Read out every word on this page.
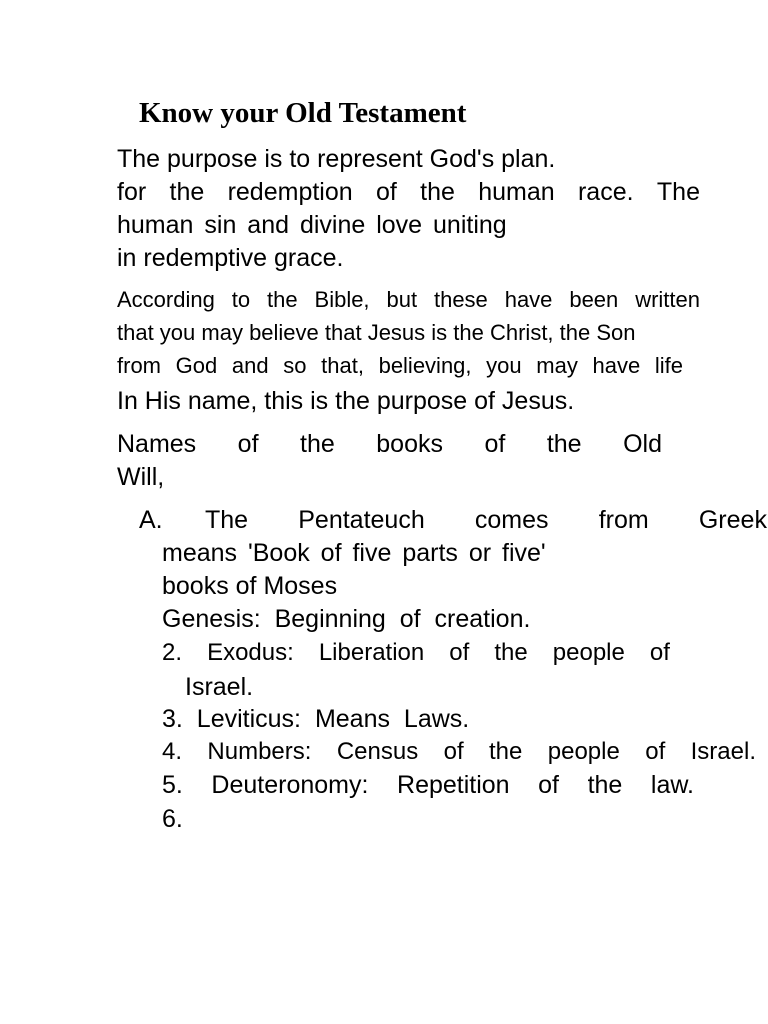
Know your Old Testament

The purpose is to represent God's plan.

for the redemption of the human race. The

human sin and divine love uniting

in redemptive grace.

According to the Bible, but these have been written

that you may believe that Jesus is the Christ, the Son

from God and so that, believing, you may have life

In His name, this is the purpose of Jesus.

Names of the books of the Old

Will,

A. The Pentateuch comes from Greek

means 'Book of five parts or five'

books of Moses

Genesis: Beginning of creation.

2. Exodus: Liberation of the people of

Israel.

3. Leviticus: Means Laws.

4. Numbers: Census of the people of Israel.

5. Deuteronomy: Repetition of the law.

6.
